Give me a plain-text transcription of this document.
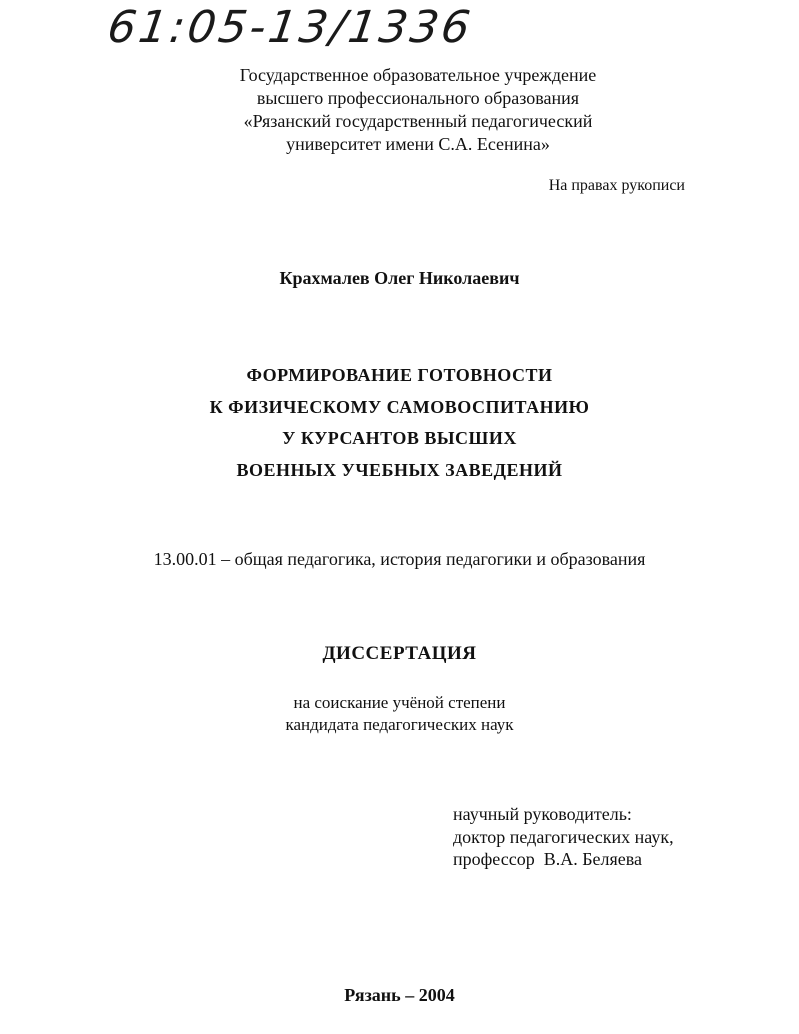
61:05-13/1336
Государственное образовательное учреждение
высшего профессионального образования
«Рязанский государственный педагогический
университет имени С.А. Есенина»
На правах рукописи
Крахмалев Олег Николаевич
ФОРМИРОВАНИЕ ГОТОВНОСТИ
К ФИЗИЧЕСКОМУ САМОВОСПИТАНИЮ
У КУРСАНТОВ ВЫСШИХ
ВОЕННЫХ УЧЕБНЫХ ЗАВЕДЕНИЙ
13.00.01 – общая педагогика, история педагогики и образования
ДИССЕРТАЦИЯ
на соискание учёной степени
кандидата педагогических наук
научный руководитель:
доктор педагогических наук,
профессор  В.А. Беляева
Рязань – 2004
